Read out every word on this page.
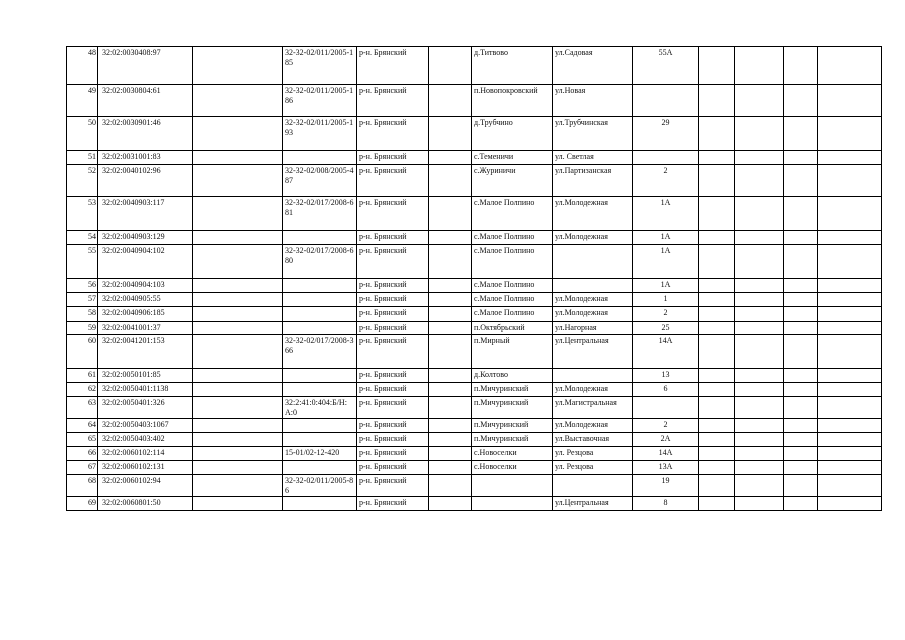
48	32:02:0030408:97		32-32-02/011/2005-185	р-н. Брянский		д.Титвово	ул.Садовая	55А				
49	32:02:0030804:61		32-32-02/011/2005-186	р-н. Брянский		п.Новопокровский	ул.Новая					
50	32:02:0030901:46		32-32-02/011/2005-193	р-н. Брянский		д.Трубчино	ул.Трубчинская	29				
51	32:02:0031001:83			р-н. Брянский		с.Теменичи	ул. Светлая					
52	32:02:0040102:96		32-32-02/008/2005-487	р-н. Брянский		с.Журиничи	ул.Партизанская	2				
53	32:02:0040903:117		32-32-02/017/2008-681	р-н. Брянский		с.Малое Полпино	ул.Молодежная	1А				
54	32:02:0040903:129			р-н. Брянский		с.Малое Полпино	ул.Молодежная	1А				
55	32:02:0040904:102		32-32-02/017/2008-680	р-н. Брянский		с.Малое Полпино		1А				
56	32:02:0040904:103			р-н. Брянский		с.Малое Полпино		1А				
57	32:02:0040905:55			р-н. Брянский		с.Малое Полпино	ул.Молодежная	1				
58	32:02:0040906:185			р-н. Брянский		с.Малое Полпино	ул.Молодежная	2				
59	32:02:0041001:37			р-н. Брянский		п.Октябрьский	ул.Нагорная	25				
60	32:02:0041201:153		32-32-02/017/2008-366	р-н. Брянский		п.Мирный	ул.Центральная	14А				
61	32:02:0050101:85			р-н. Брянский		д.Колтово		13				
62	32:02:0050401:1138			р-н. Брянский		п.Мичуринский	ул.Молодежная	6				
63	32:02:0050401:326		32:2:41:0:404:Б/Н:А:0	р-н. Брянский		п.Мичуринский	ул.Магистральная					
64	32:02:0050403:1067			р-н. Брянский		п.Мичуринский	ул.Молодежная	2				
65	32:02:0050403:402			р-н. Брянский		п.Мичуринский	ул.Выставочная	2А				
66	32:02:0060102:114		15-01/02-12-420	р-н. Брянский		с.Новоселки	ул. Резцова	14А				
67	32:02:0060102:131			р-н. Брянский		с.Новоселки	ул. Резцова	13А				
68	32:02:0060102:94		32-32-02/011/2005-86	р-н. Брянский				19				
69	32:02:0060801:50			р-н. Брянский			ул.Центральная	8				
